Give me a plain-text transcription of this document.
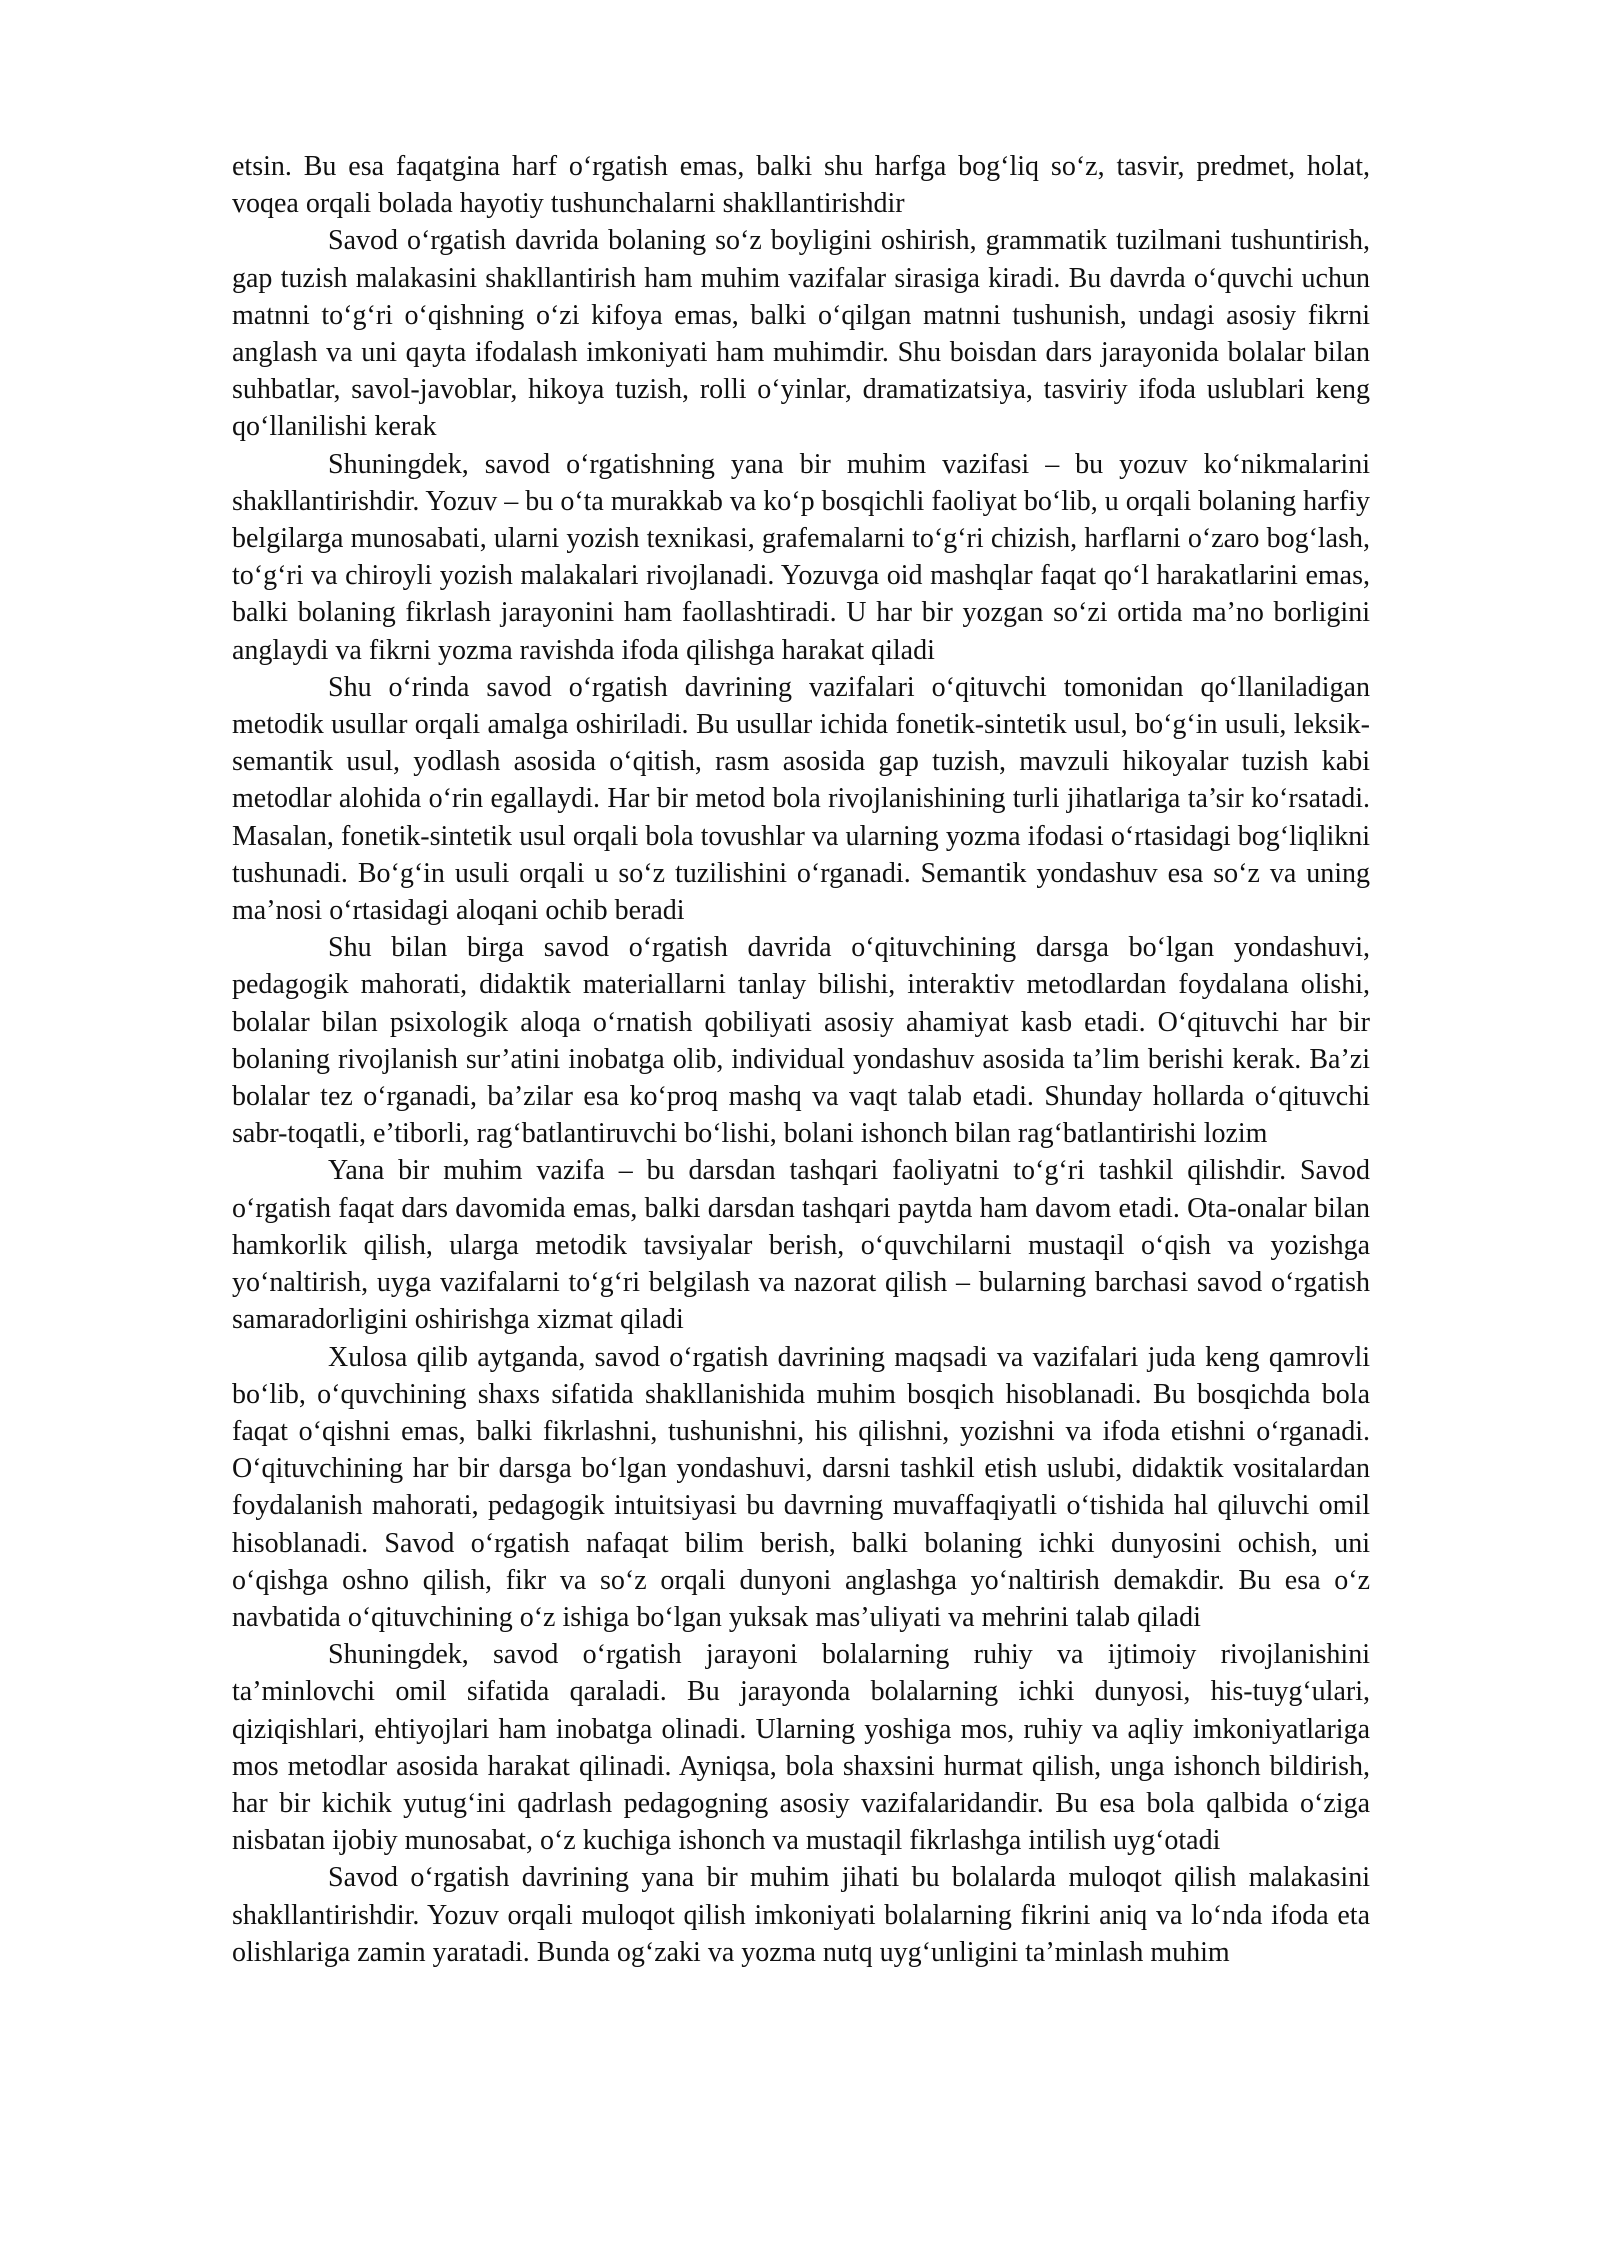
etsin. Bu esa faqatgina harf o‘rgatish emas, balki shu harfga bog‘liq so‘z, tasvir, predmet, holat, voqea orqali bolada hayotiy tushunchalarni shakllantirishdir

Savod o‘rgatish davrida bolaning so‘z boyligini oshirish, grammatik tuzilmani tushuntirish, gap tuzish malakasini shakllantirish ham muhim vazifalar sirasiga kiradi. Bu davrda o‘quvchi uchun matnni to‘g‘ri o‘qishning o‘zi kifoya emas, balki o‘qilgan matnni tushunish, undagi asosiy fikrni anglash va uni qayta ifodalash imkoniyati ham muhimdir. Shu boisdan dars jarayonida bolalar bilan suhbatlar, savol-javoblar, hikoya tuzish, rolli o‘yinlar, dramatizatsiya, tasviriy ifoda uslublari keng qo‘llanilishi kerak

Shuningdek, savod o‘rgatishning yana bir muhim vazifasi – bu yozuv ko‘nikmalarini shakllantirishdir. Yozuv – bu o‘ta murakkab va ko‘p bosqichli faoliyat bo‘lib, u orqali bolaning harfiy belgilarga munosabati, ularni yozish texnikasi, grafemalarni to‘g‘ri chizish, harflarni o‘zaro bog‘lash, to‘g‘ri va chiroyli yozish malakalari rivojlanadi. Yozuvga oid mashqlar faqat qo‘l harakatlarini emas, balki bolaning fikrlash jarayonini ham faollashtiradi. U har bir yozgan so‘zi ortida ma’no borligini anglaydi va fikrni yozma ravishda ifoda qilishga harakat qiladi

Shu o‘rinda savod o‘rgatish davrining vazifalari o‘qituvchi tomonidan qo‘llaniladigan metodik usullar orqali amalga oshiriladi. Bu usullar ichida fonetik-sintetik usul, bo‘g‘in usuli, leksik-semantik usul, yodlash asosida o‘qitish, rasm asosida gap tuzish, mavzuli hikoyalar tuzish kabi metodlar alohida o‘rin egallaydi. Har bir metod bola rivojlanishining turli jihatlariga ta’sir ko‘rsatadi. Masalan, fonetik-sintetik usul orqali bola tovushlar va ularning yozma ifodasi o‘rtasidagi bog‘liqlikni tushunadi. Bo‘g‘in usuli orqali u so‘z tuzilishini o‘rganadi. Semantik yondashuv esa so‘z va uning ma’nosi o‘rtasidagi aloqani ochib beradi

Shu bilan birga savod o‘rgatish davrida o‘qituvchining darsga bo‘lgan yondashuvi, pedagogik mahorati, didaktik materiallarni tanlay bilishi, interaktiv metodlardan foydalana olishi, bolalar bilan psixologik aloqa o‘rnatish qobiliyati asosiy ahamiyat kasb etadi. O‘qituvchi har bir bolaning rivojlanish sur’atini inobatga olib, individual yondashuv asosida ta’lim berishi kerak. Ba’zi bolalar tez o‘rganadi, ba’zilar esa ko‘proq mashq va vaqt talab etadi. Shunday hollarda o‘qituvchi sabr-toqatli, e’tiborli, rag‘batlantiruvchi bo‘lishi, bolani ishonch bilan rag‘batlantirishi lozim

Yana bir muhim vazifa – bu darsdan tashqari faoliyatni to‘g‘ri tashkil qilishdir. Savod o‘rgatish faqat dars davomida emas, balki darsdan tashqari paytda ham davom etadi. Ota-onalar bilan hamkorlik qilish, ularga metodik tavsiyalar berish, o‘quvchilarni mustaqil o‘qish va yozishga yo‘naltirish, uyga vazifalarni to‘g‘ri belgilash va nazorat qilish – bularning barchasi savod o‘rgatish samaradorligini oshirishga xizmat qiladi

Xulosa qilib aytganda, savod o‘rgatish davrining maqsadi va vazifalari juda keng qamrovli bo‘lib, o‘quvchining shaxs sifatida shakllanishida muhim bosqich hisoblanadi. Bu bosqichda bola faqat o‘qishni emas, balki fikrlashni, tushunishni, his qilishni, yozishni va ifoda etishni o‘rganadi. O‘qituvchining har bir darsga bo‘lgan yondashuvi, darsni tashkil etish uslubi, didaktik vositalardan foydalanish mahorati, pedagogik intuitsiyasi bu davrning muvaffaqiyatli o‘tishida hal qiluvchi omil hisoblanadi. Savod o‘rgatish nafaqat bilim berish, balki bolaning ichki dunyosini ochish, uni o‘qishga oshno qilish, fikr va so‘z orqali dunyoni anglashga yo‘naltirish demakdir. Bu esa o‘z navbatida o‘qituvchining o‘z ishiga bo‘lgan yuksak mas’uliyati va mehrini talab qiladi

Shuningdek, savod o‘rgatish jarayoni bolalarning ruhiy va ijtimoiy rivojlanishini ta’minlovchi omil sifatida qaraladi. Bu jarayonda bolalarning ichki dunyosi, his-tuyg‘ulari, qiziqishlari, ehtiyojlari ham inobatga olinadi. Ularning yoshiga mos, ruhiy va aqliy imkoniyatlariga mos metodlar asosida harakat qilinadi. Ayniqsa, bola shaxsini hurmat qilish, unga ishonch bildirish, har bir kichik yutug‘ini qadrlash pedagogning asosiy vazifalaridandir. Bu esa bola qalbida o‘ziga nisbatan ijobiy munosabat, o‘z kuchiga ishonch va mustaqil fikrlashga intilish uyg‘otadi

Savod o‘rgatish davrining yana bir muhim jihati bu bolalarda muloqot qilish malakasini shakllantirishdir. Yozuv orqali muloqot qilish imkoniyati bolalarning fikrini aniq va lo‘nda ifoda eta olishlariga zamin yaratadi. Bunda og‘zaki va yozma nutq uyg‘unligini ta’minlash muhim
